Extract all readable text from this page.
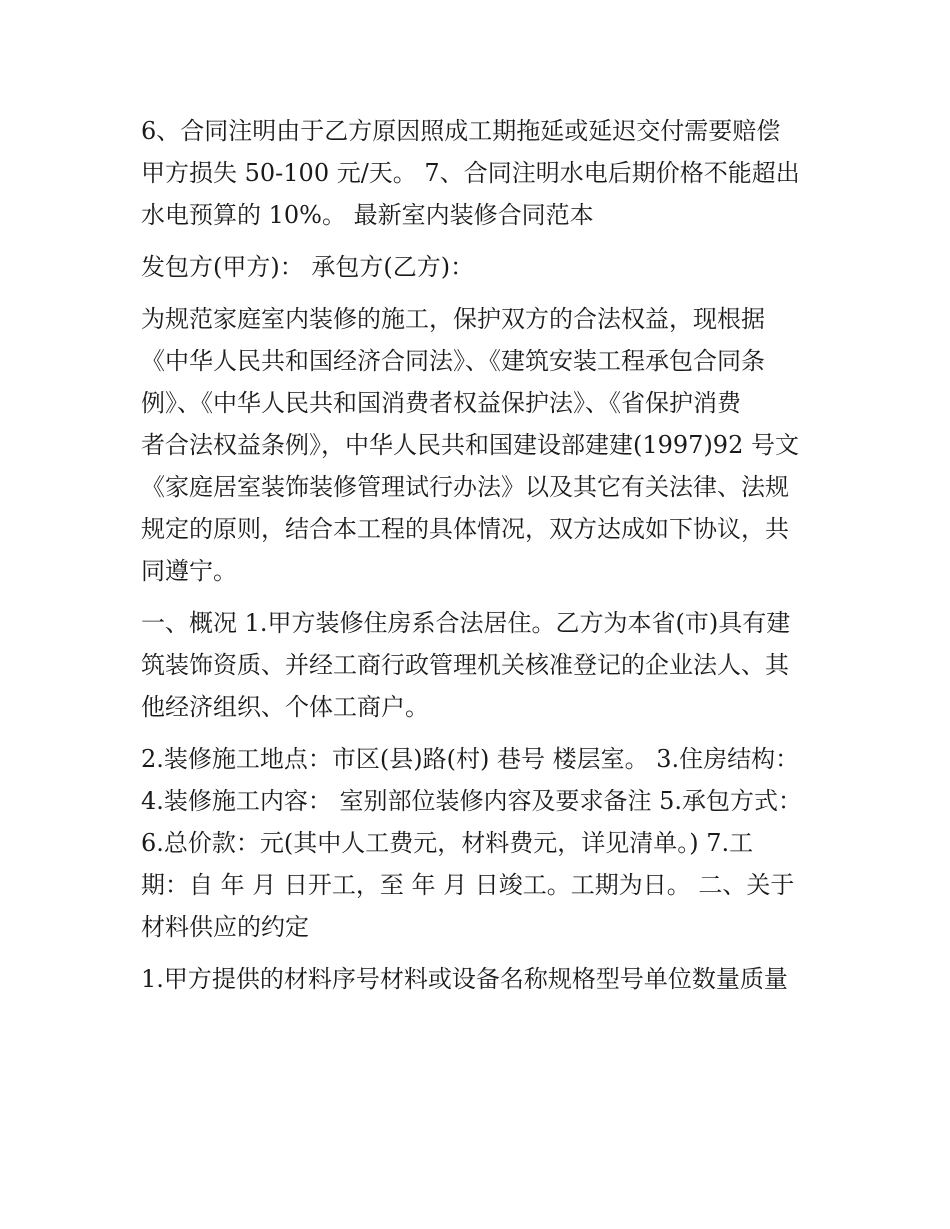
6、合同注明由于乙方原因照成工期拖延或延迟交付需要赔偿
甲方损失 50-100 元/天。 7、合同注明水电后期价格不能超出
水电预算的 10%。 最新室内装修合同范本
发包方(甲方)： 承包方(乙方)：
为规范家庭室内装修的施工，保护双方的合法权益，现根据
《中华人民共和国经济合同法》、《建筑安装工程承包合同条
例》、《中华人民共和国消费者权益保护法》、《省保护消费
者合法权益条例》，中华人民共和国建设部建建(1997)92 号文
《家庭居室装饰装修管理试行办法》以及其它有关法律、法规
规定的原则，结合本工程的具体情况，双方达成如下协议，共
同遵宁。
一、概况 1.甲方装修住房系合法居住。乙方为本省(市)具有建
筑装饰资质、并经工商行政管理机关核准登记的企业法人、其
他经济组织、个体工商户。
2.装修施工地点：市区(县)路(村) 巷号 楼层室。 3.住房结构：
4.装修施工内容： 室别部位装修内容及要求备注 5.承包方式：
6.总价款：元(其中人工费元，材料费元，详见清单。) 7.工
期：自 年 月 日开工，至 年 月 日竣工。工期为日。 二、关于
材料供应的约定
1.甲方提供的材料序号材料或设备名称规格型号单位数量质量
